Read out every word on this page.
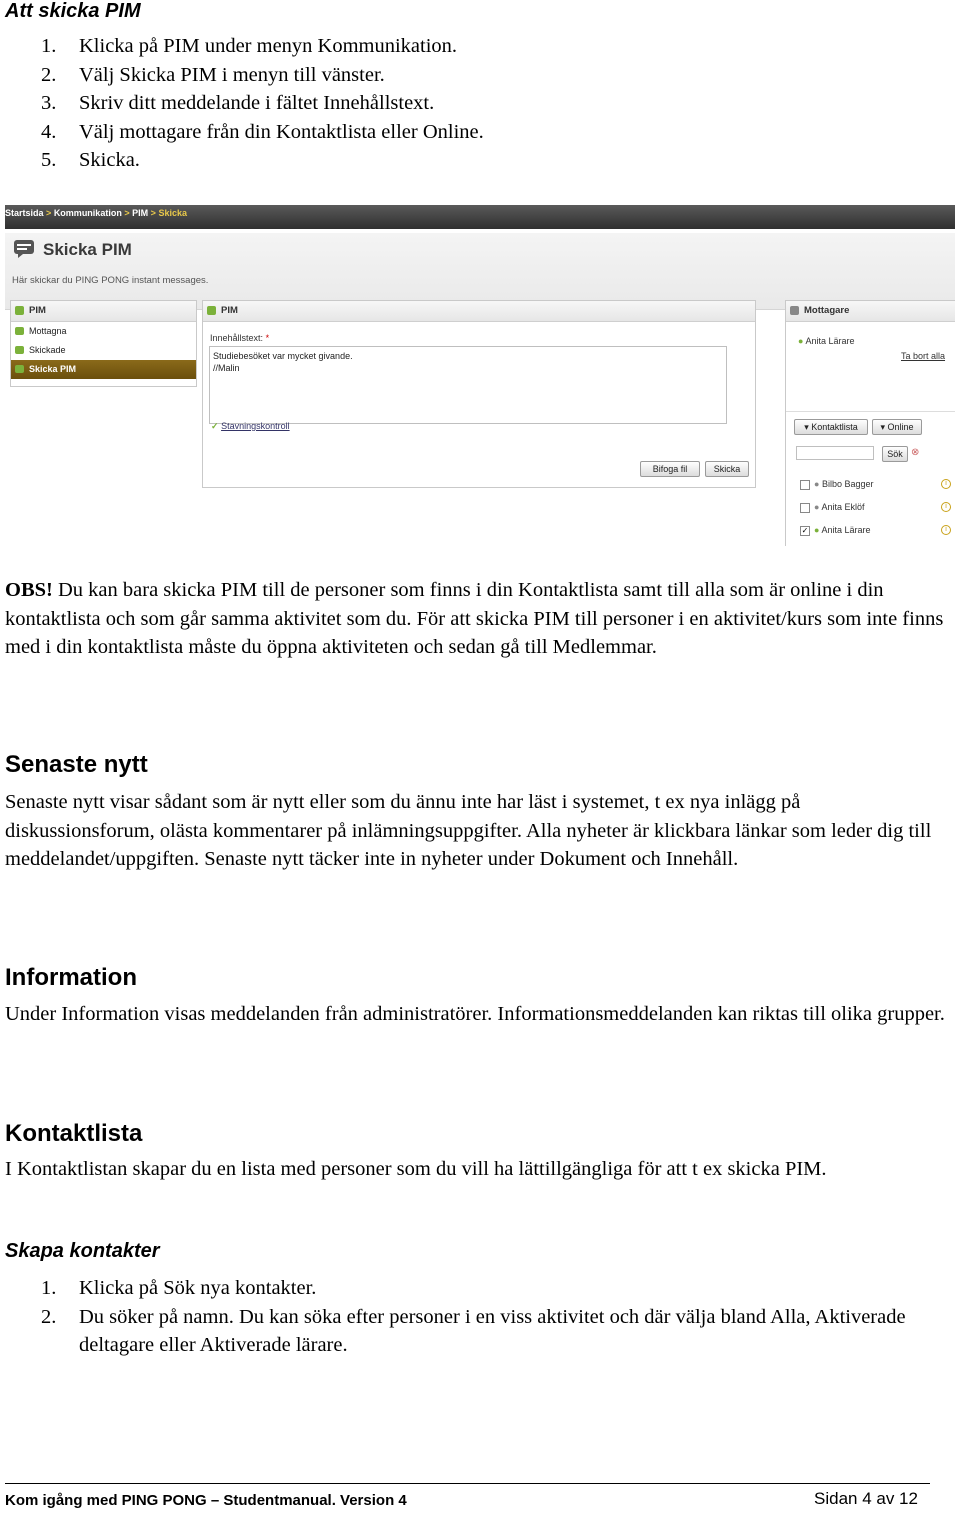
Att skicka PIM
1. Klicka på PIM under menyn Kommunikation.
2. Välj Skicka PIM i menyn till vänster.
3. Skriv ditt meddelande i fältet Innehållstext.
4. Välj mottagare från din Kontaktlista eller Online.
5. Skicka.
Startsida > Kommunikation > PIM > Skicka
Skicka PIM
Här skickar du PING PONG instant messages.
PIM
Mottagna
Skickade
Skicka PIM
PIM
Innehållstext: *
Studiebesöket var mycket givande.
//Malin
✓ Stavningskontroll
Bifoga fil	Skicka
Mottagare
● Anita Lärare
Ta bort alla
▾ Kontaktlista	▾ Online
Sök ⊗
● Bilbo Bagger	i
● Anita Eklöf	i
✓ ● Anita Lärare	i
OBS! Du kan bara skicka PIM till de personer som finns i din Kontaktlista samt till alla som är online i din kontaktlista och som går samma aktivitet som du. För att skicka PIM till personer i en aktivitet/kurs som inte finns med i din kontaktlista måste du öppna aktiviteten och sedan gå till Medlemmar.
Senaste nytt
Senaste nytt visar sådant som är nytt eller som du ännu inte har läst i systemet, t ex nya inlägg på diskussionsforum, olästa kommentarer på inlämningsuppgifter. Alla nyheter är klickbara länkar som leder dig till meddelandet/uppgiften. Senaste nytt täcker inte in nyheter under Dokument och Innehåll.
Information
Under Information visas meddelanden från administratörer. Informationsmeddelanden kan riktas till olika grupper.
Kontaktlista
I Kontaktlistan skapar du en lista med personer som du vill ha lättillgängliga för att t ex skicka PIM.
Skapa kontakter
1. Klicka på Sök nya kontakter.
2. Du söker på namn. Du kan söka efter personer i en viss aktivitet och där välja bland Alla, Aktiverade deltagare eller Aktiverade lärare.
Kom igång med PING PONG – Studentmanual. Version 4	Sidan 4 av 12
